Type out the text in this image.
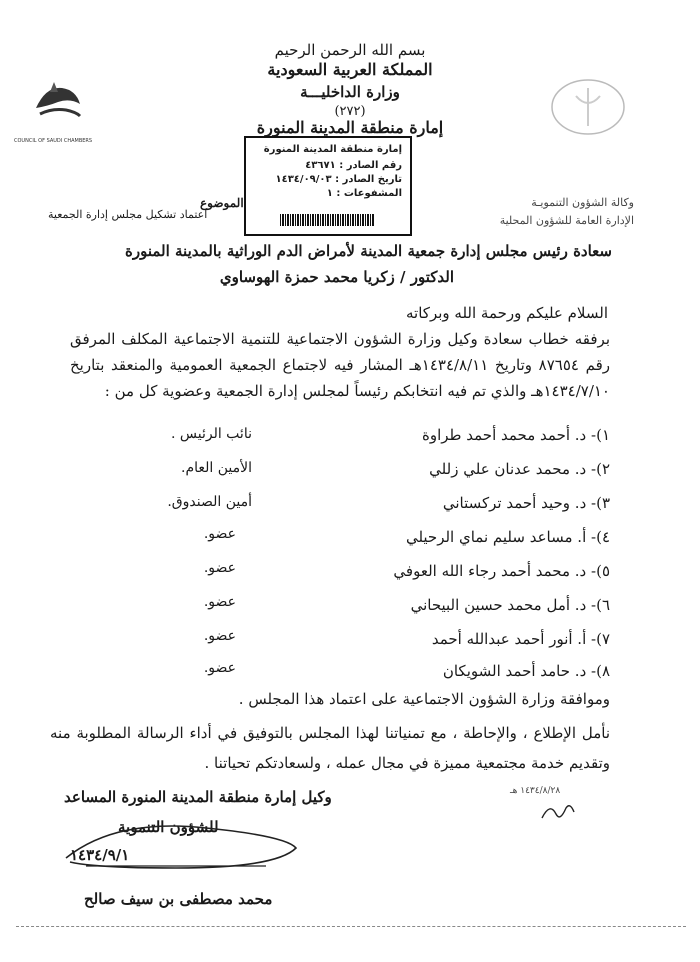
بسم الله الرحمن الرحيم
المملكة العربية السعودية
وزارة الداخليـــة
(٢٧٢)
إمارة منطقة المدينة المنورة
COUNCIL OF SAUDI CHAMBERS
إمارة منطقة المدينة المنورة
رقم الصادر : ٤٣٦٧١
تاريخ الصادر : ١٤٣٤/٠٩/٠٣
المشفوعات : ١
الموضوع
اعتماد تشكيل مجلس إدارة الجمعية
وكالة الشؤون التنمويـة
الإدارة العامة للشؤون المحلية
سعادة رئيس مجلس إدارة جمعية المدينة لأمراض الدم الوراثية بالمدينة المنورة
الدكتور / زكريا محمد حمزة الهوساوي
السلام عليكم ورحمة الله وبركاته
برفقه خطاب سعادة وكيل وزارة الشؤون الاجتماعية للتنمية الاجتماعية المكلف المرفق رقم ٨٧٦٥٤ وتاريخ ١٤٣٤/٨/١١هـ المشار فيه لاجتماع الجمعية العمومية والمنعقد بتاريخ ١٤٣٤/٧/١٠هـ والذي تم فيه انتخابكم رئيساً لمجلس إدارة الجمعية وعضوية كل من :
١)- د. أحمد محمد أحمد طراوة
نائب الرئيس .
٢)- د. محمد عدنان علي زللي
الأمين العام.
٣)- د. وحيد أحمد تركستاني
أمين الصندوق.
٤)- أ. مساعد سليم نماي الرحيلي
عضو.
٥)- د. محمد أحمد رجاء الله العوفي
عضو.
٦)- د. أمل محمد حسين البيحاني
عضو.
٧)- أ. أنور أحمد عبدالله أحمد
عضو.
٨)- د. حامد أحمد الشويكان
عضو.
وموافقة وزارة الشؤون الاجتماعية على اعتماد هذا المجلس .
نأمل الإطلاع ، والإحاطة ، مع تمنياتنا لهذا المجلس بالتوفيق في أداء الرسالة المطلوبة منه وتقديم خدمة مجتمعية مميزة في مجال عمله ، ولسعادتكم تحياتنا .
١٤٣٤/٨/٢٨ هـ
وكيل إمارة منطقة المدينة المنورة المساعد
للشؤون التنموية
١٤٣٤/٩/١
محمد مصطفى بن سيف صالح
